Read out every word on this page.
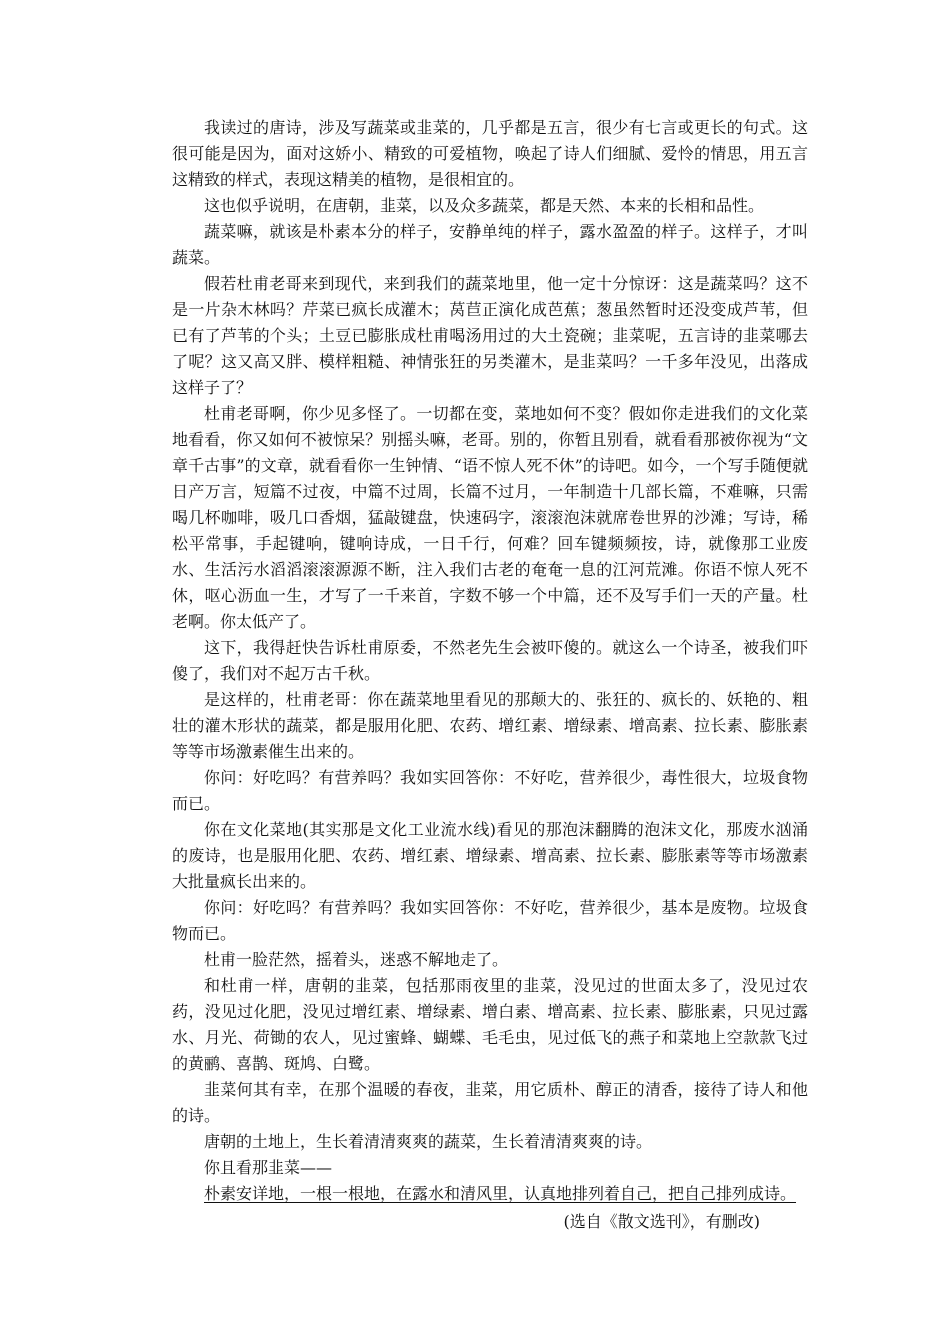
我读过的唐诗，涉及写蔬菜或韭菜的，几乎都是五言，很少有七言或更长的句式。这很可能是因为，面对这娇小、精致的可爱植物，唤起了诗人们细腻、爱怜的情思，用五言这精致的样式，表现这精美的植物，是很相宜的。

这也似乎说明，在唐朝，韭菜，以及众多蔬菜，都是天然、本来的长相和品性。

蔬菜嘛，就该是朴素本分的样子，安静单纯的样子，露水盈盈的样子。这样子，才叫蔬菜。

假若杜甫老哥来到现代，来到我们的蔬菜地里，他一定十分惊讶：这是蔬菜吗？这不是一片杂木林吗？芹菜已疯长成灌木；莴苣正演化成芭蕉；葱虽然暂时还没变成芦苇，但已有了芦苇的个头；土豆已膨胀成杜甫喝汤用过的大土瓷碗；韭菜呢，五言诗的韭菜哪去了呢？这又高又胖、模样粗糙、神情张狂的另类灌木，是韭菜吗？一千多年没见，出落成这样子了？

杜甫老哥啊，你少见多怪了。一切都在变，菜地如何不变？假如你走进我们的文化菜地看看，你又如何不被惊呆？别摇头嘛，老哥。别的，你暂且别看，就看看那被你视为“文章千古事”的文章，就看看你一生钟情、“语不惊人死不休”的诗吧。如今，一个写手随便就日产万言，短篇不过夜，中篇不过周，长篇不过月，一年制造十几部长篇，不难嘛，只需喝几杯咖啡，吸几口香烟，猛敲键盘，快速码字，滚滚泡沫就席卷世界的沙滩；写诗，稀松平常事，手起键响，键响诗成，一日千行，何难？回车键频频按，诗，就像那工业废水、生活污水滔滔滚滚源源不断，注入我们古老的奄奄一息的江河荒滩。你语不惊人死不休，呕心沥血一生，才写了一千来首，字数不够一个中篇，还不及写手们一天的产量。杜老啊。你太低产了。

这下，我得赶快告诉杜甫原委，不然老先生会被吓傻的。就这么一个诗圣，被我们吓傻了，我们对不起万古千秋。

是这样的，杜甫老哥：你在蔬菜地里看见的那颠大的、张狂的、疯长的、妖艳的、粗壮的灌木形状的蔬菜，都是服用化肥、农药、增红素、增绿素、增高素、拉长素、膨胀素等等市场激素催生出来的。

你问：好吃吗？有营养吗？我如实回答你：不好吃，营养很少，毒性很大，垃圾食物而已。

你在文化菜地(其实那是文化工业流水线)看见的那泡沫翻腾的泡沫文化，那废水汹涌的废诗，也是服用化肥、农药、增红素、增绿素、增高素、拉长素、膨胀素等等市场激素大批量疯长出来的。

你问：好吃吗？有营养吗？我如实回答你：不好吃，营养很少，基本是废物。垃圾食物而已。

杜甫一脸茫然，摇着头，迷惑不解地走了。

和杜甫一样，唐朝的韭菜，包括那雨夜里的韭菜，没见过的世面太多了，没见过农药，没见过化肥，没见过增红素、增绿素、增白素、增高素、拉长素、膨胀素，只见过露水、月光、荷锄的农人，见过蜜蜂、蝴蝶、毛毛虫，见过低飞的燕子和菜地上空款款飞过的黄鹂、喜鹊、斑鸠、白鹭。

韭菜何其有幸，在那个温暖的春夜，韭菜，用它质朴、醇正的清香，接待了诗人和他的诗。

唐朝的土地上，生长着清清爽爽的蔬菜，生长着清清爽爽的诗。

你且看那韭菜——

朴素安详地，一根一根地，在露水和清风里，认真地排列着自己，把自己排列成诗。

(选自《散文选刊》，有删改)
